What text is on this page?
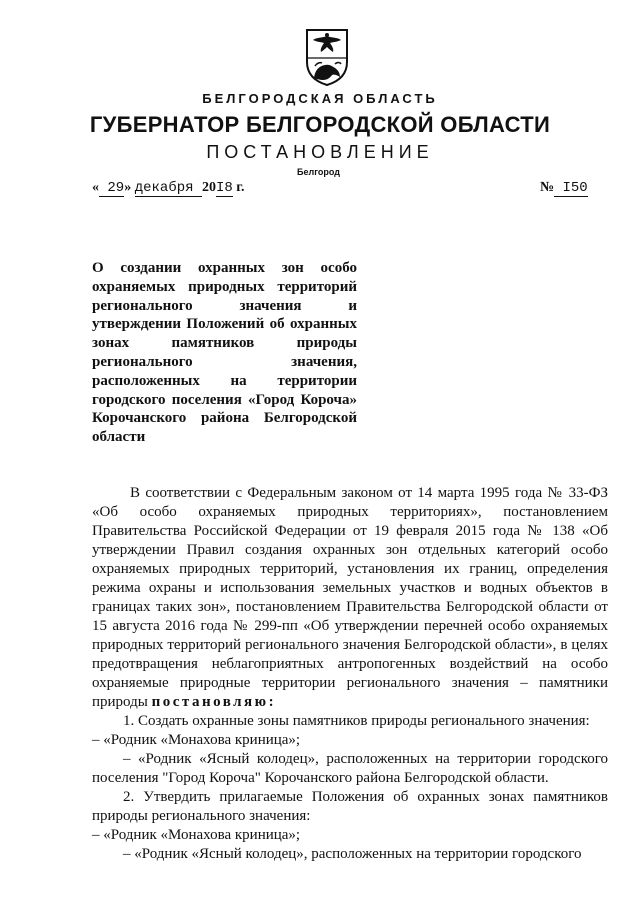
БЕЛГОРОДСКАЯ ОБЛАСТЬ
ГУБЕРНАТОР БЕЛГОРОДСКОЙ ОБЛАСТИ
ПОСТАНОВЛЕНИЕ
Белгород
« 29» декабря 20I8 г.	№ I50

О создании охранных зон особо

охраняемых природных территорий

регионального значения и

утверждении Положений об охранных

зонах памятников природы

регионального значения,

расположенных на территории

городского поселения «Город Короча»

Корочанского района Белгородской

области

В соответствии с Федеральным законом от 14 марта 1995 года № 33-ФЗ «Об особо охраняемых природных территориях», постановлением Правительства Российской Федерации от 19 февраля 2015 года № 138 «Об утверждении Правил создания охранных зон отдельных категорий особо охраняемых природных территорий, установления их границ, определения режима охраны и использования земельных участков и водных объектов в границах таких зон», постановлением Правительства Белгородской области от 15 августа 2016 года № 299-пп «Об утверждении перечней особо охраняемых природных территорий регионального значения Белгородской области», в целях предотвращения неблагоприятных антропогенных воздействий на особо охраняемые природные территории регионального значения – памятники природы постановляю:

1. Создать охранные зоны памятников природы регионального значения:

– «Родник «Монахова криница»;

– «Родник «Ясный колодец», расположенных на территории городского поселения "Город Короча" Корочанского района Белгородской области.

2. Утвердить прилагаемые Положения об охранных зонах памятников природы регионального значения:

– «Родник «Монахова криница»;

– «Родник «Ясный колодец», расположенных на территории городского
